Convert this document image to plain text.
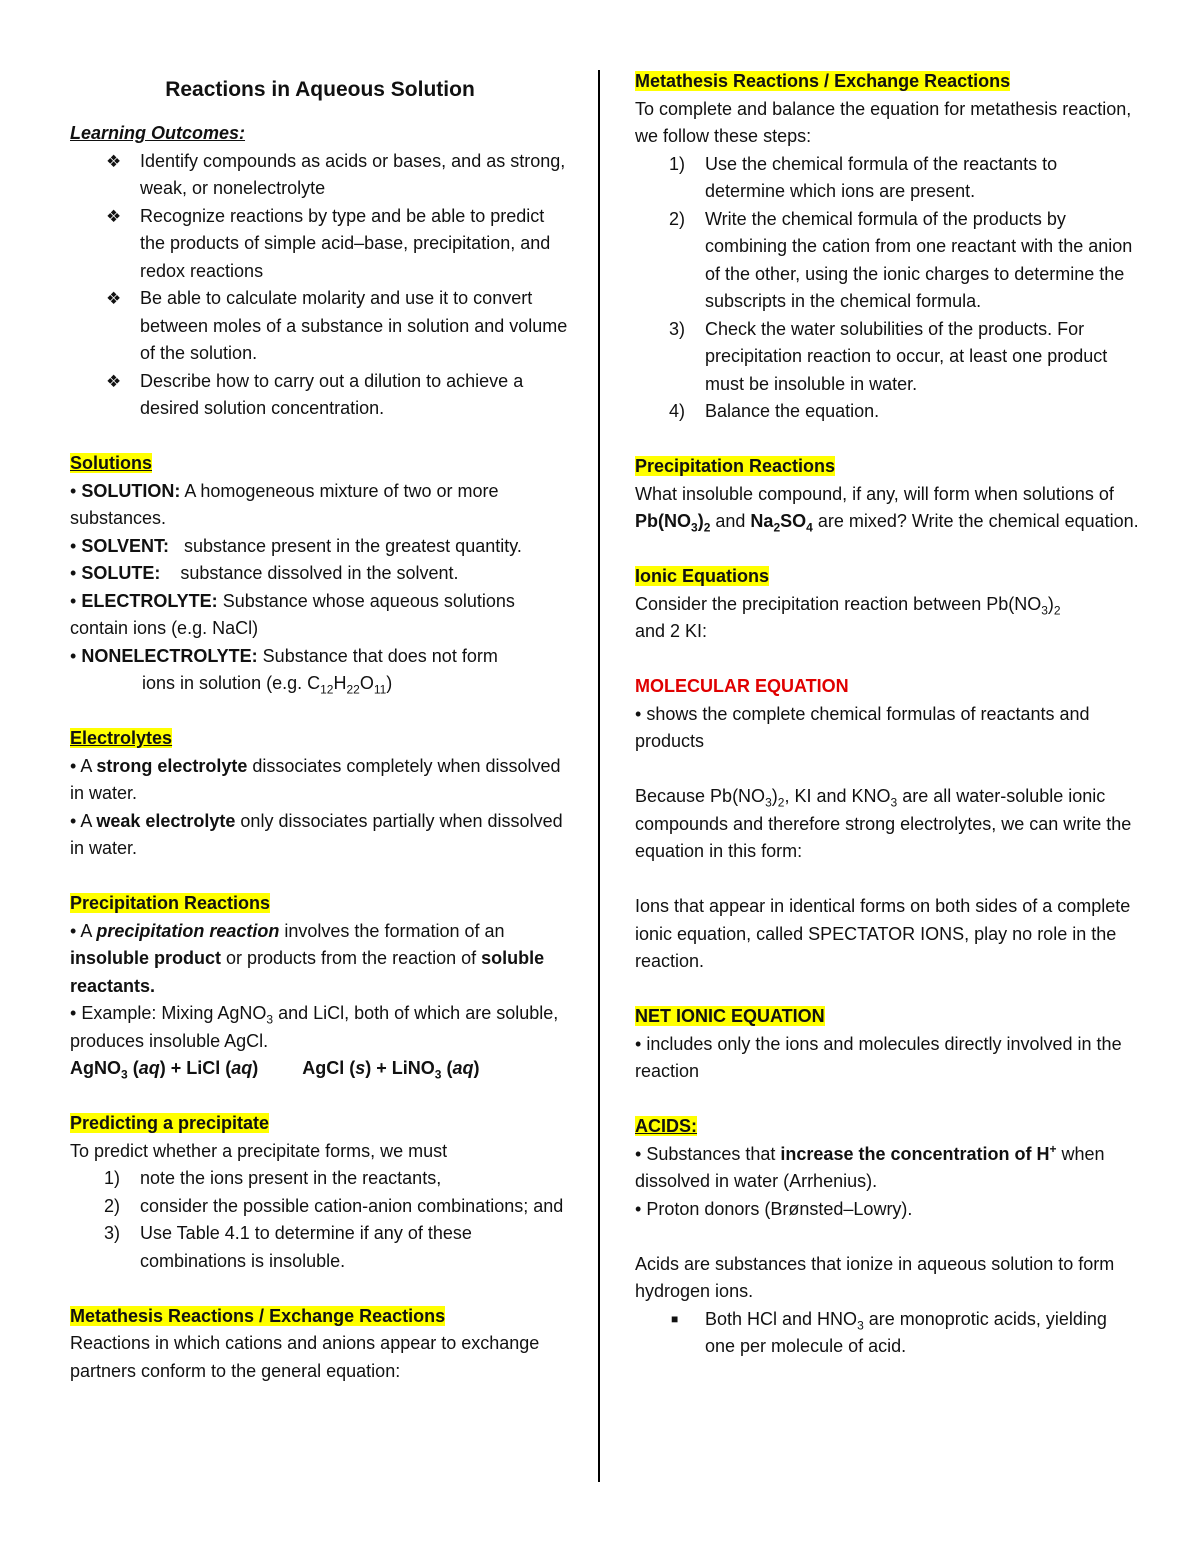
Reactions in Aqueous Solution
Learning Outcomes:
❖ Identify compounds as acids or bases, and as strong, weak, or nonelectrolyte
❖ Recognize reactions by type and be able to predict the products of simple acid–base, precipitation, and redox reactions
❖ Be able to calculate molarity and use it to convert between moles of a substance in solution and volume of the solution.
❖ Describe how to carry out a dilution to achieve a desired solution concentration.
Solutions
• SOLUTION: A homogeneous mixture of two or more substances.
• SOLVENT: substance present in the greatest quantity.
• SOLUTE: substance dissolved in the solvent.
• ELECTROLYTE: Substance whose aqueous solutions contain ions (e.g. NaCl)
• NONELECTROLYTE: Substance that does not form
ions in solution (e.g. $C_{12}H_{22}O_{11}$)
Electrolytes
• A strong electrolyte dissociates completely when dissolved in water.
• A weak electrolyte only dissociates partially when dissolved in water.
Precipitation Reactions
• A precipitation reaction involves the formation of an insoluble product or products from the reaction of soluble reactants.
• Example: Mixing AgNO$_3$ and LiCl, both of which are soluble, produces insoluble AgCl.
AgNO$_3$ (aq) + LiCl (aq) AgCl (s) + LiNO$_3$ (aq)
Predicting a precipitate
To predict whether a precipitate forms, we must
1) note the ions present in the reactants,
2) consider the possible cation-anion combinations; and
3) Use Table 4.1 to determine if any of these combinations is insoluble.
Metathesis Reactions / Exchange Reactions
Reactions in which cations and anions appear to exchange partners conform to the general equation:
Metathesis Reactions / Exchange Reactions
To complete and balance the equation for metathesis reaction, we follow these steps:
1) Use the chemical formula of the reactants to determine which ions are present.
2) Write the chemical formula of the products by combining the cation from one reactant with the anion of the other, using the ionic charges to determine the subscripts in the chemical formula.
3) Check the water solubilities of the products. For precipitation reaction to occur, at least one product must be insoluble in water.
4) Balance the equation.
Precipitation Reactions
What insoluble compound, if any, will form when solutions of $Pb(NO_3)_2$ and $Na_2SO_4$ are mixed? Write the chemical equation.
Ionic Equations
Consider the precipitation reaction between $Pb(NO_3)_2$
and 2 KI:
MOLECULAR EQUATION
• shows the complete chemical formulas of reactants and products
Because $Pb(NO_3)_2$, KI and $KNO_3$ are all water-soluble ionic compounds and therefore strong electrolytes, we can write the equation in this form:
Ions that appear in identical forms on both sides of a complete ionic equation, called SPECTATOR IONS, play no role in the reaction.
NET IONIC EQUATION
• includes only the ions and molecules directly involved in the reaction
ACIDS:
• Substances that increase the concentration of H+ when dissolved in water (Arrhenius).
• Proton donors (Brønsted–Lowry).
Acids are substances that ionize in aqueous solution to form hydrogen ions.
■ Both HCl and $HNO_3$ are monoprotic acids, yielding one per molecule of acid.
